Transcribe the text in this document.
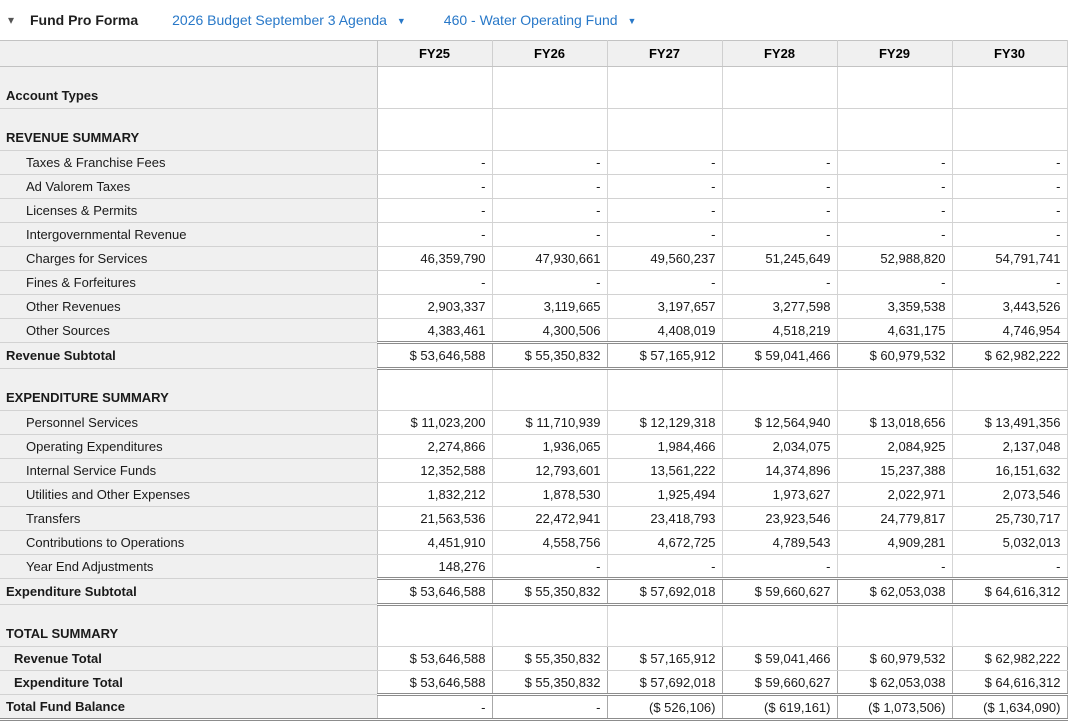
▾	Fund Pro Forma 2026 Budget September 3 Agenda ▼	460 - Water Operating Fund ▼
	FY25	FY26	FY27	FY28	FY29	FY30
Account Types						
REVENUE SUMMARY						
Taxes & Franchise Fees	-	-	-	-	-	-
Ad Valorem Taxes	-	-	-	-	-	-
Licenses & Permits	-	-	-	-	-	-
Intergovernmental Revenue	-	-	-	-	-	-
Charges for Services	46,359,790	47,930,661	49,560,237	51,245,649	52,988,820	54,791,741
Fines & Forfeitures	-	-	-	-	-	-
Other Revenues	2,903,337	3,119,665	3,197,657	3,277,598	3,359,538	3,443,526
Other Sources	4,383,461	4,300,506	4,408,019	4,518,219	4,631,175	4,746,954
Revenue Subtotal	$ 53,646,588	$ 55,350,832	$ 57,165,912	$ 59,041,466	$ 60,979,532	$ 62,982,222
EXPENDITURE SUMMARY						
Personnel Services	$ 11,023,200	$ 11,710,939	$ 12,129,318	$ 12,564,940	$ 13,018,656	$ 13,491,356
Operating Expenditures	2,274,866	1,936,065	1,984,466	2,034,075	2,084,925	2,137,048
Internal Service Funds	12,352,588	12,793,601	13,561,222	14,374,896	15,237,388	16,151,632
Utilities and Other Expenses	1,832,212	1,878,530	1,925,494	1,973,627	2,022,971	2,073,546
Transfers	21,563,536	22,472,941	23,418,793	23,923,546	24,779,817	25,730,717
Contributions to Operations	4,451,910	4,558,756	4,672,725	4,789,543	4,909,281	5,032,013
Year End Adjustments	148,276	-	-	-	-	-
Expenditure Subtotal	$ 53,646,588	$ 55,350,832	$ 57,692,018	$ 59,660,627	$ 62,053,038	$ 64,616,312
TOTAL SUMMARY						
Revenue Total	$ 53,646,588	$ 55,350,832	$ 57,165,912	$ 59,041,466	$ 60,979,532	$ 62,982,222
Expenditure Total	$ 53,646,588	$ 55,350,832	$ 57,692,018	$ 59,660,627	$ 62,053,038	$ 64,616,312
Total Fund Balance	-	-	($ 526,106)	($ 619,161)	($ 1,073,506)	($ 1,634,090)
